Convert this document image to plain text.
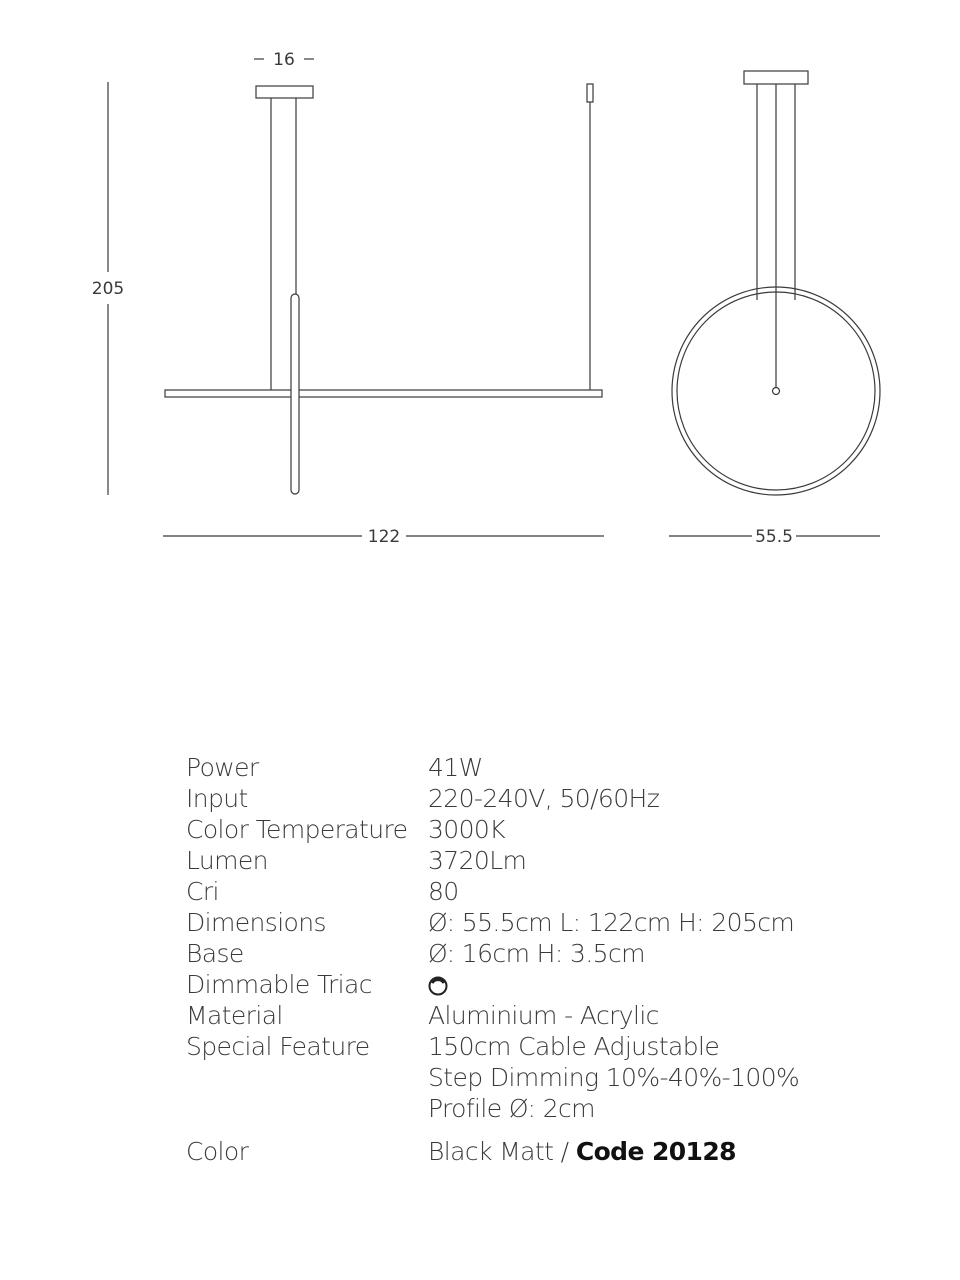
16
205
122	55.5
Power	41W
Input	220-240V, 50/60Hz
Color Temperature 3000K
Lumen	3720Lm
Cri	80
Dimensions	Ø: 55.5cm L: 122cm H: 205cm
Base	Ø: 16cm H: 3.5cm
Dimmable Triac
Material	Aluminium - Acrylic
Special Feature	150cm Cable Adjustable
Step Dimming 10%-40%-100%
Profile Ø: 2cm
Color	Black Matt / Code 20128
